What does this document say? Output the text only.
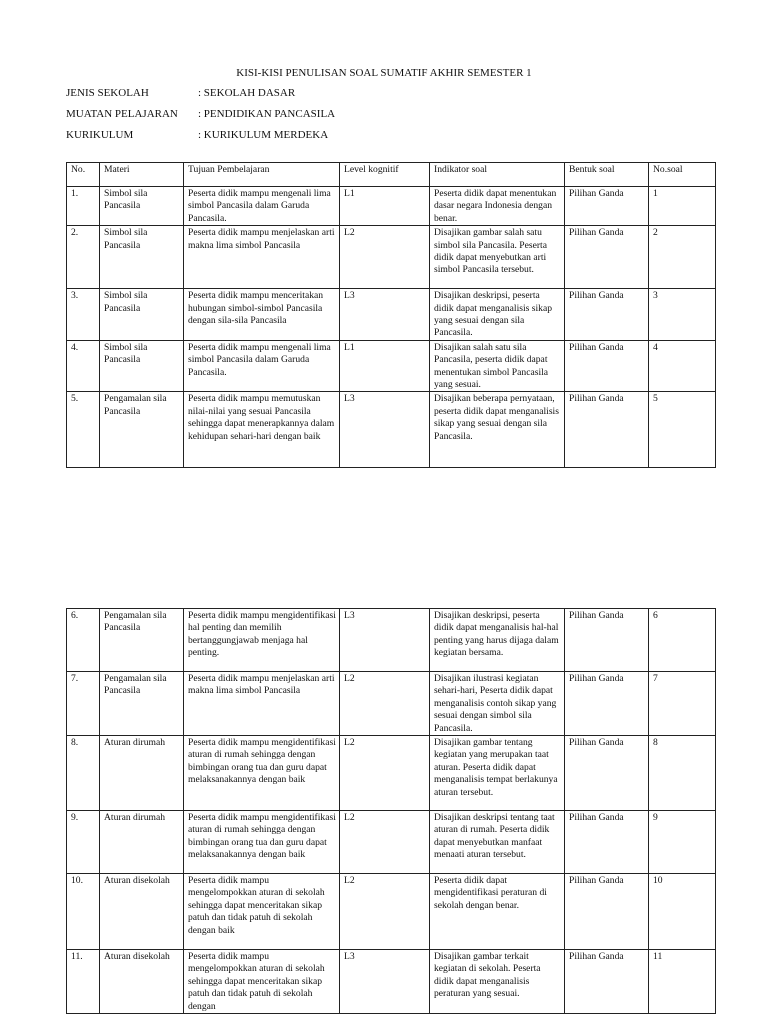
KISI-KISI PENULISAN SOAL SUMATIF AKHIR SEMESTER 1
JENIS SEKOLAH	: SEKOLAH DASAR
MUATAN PELAJARAN : PENDIDIKAN PANCASILA
KURIKULUM	: KURIKULUM MERDEKA
No.	Materi	Tujuan Pembelajaran	Level kognitif	Indikator soal	Bentuk soal	No.soal
1.	Simbol sila Pancasila	Peserta didik mampu mengenali lima simbol Pancasila dalam Garuda Pancasila.	L1	Peserta didik dapat menentukan dasar negara Indonesia dengan benar.	Pilihan Ganda	1
2.	Simbol sila Pancasila	Peserta didik mampu menjelaskan arti makna lima simbol Pancasila	L2	Disajikan gambar salah satu simbol sila Pancasila. Peserta didik dapat menyebutkan arti simbol Pancasila tersebut.	Pilihan Ganda	2
3.	Simbol sila Pancasila	Peserta didik mampu menceritakan hubungan simbol-simbol Pancasila dengan sila-sila Pancasila	L3	Disajikan deskripsi, peserta didik dapat menganalisis sikap yang sesuai dengan sila Pancasila.	Pilihan Ganda	3
4.	Simbol sila Pancasila	Peserta didik mampu mengenali lima simbol Pancasila dalam Garuda Pancasila.	L1	Disajikan salah satu sila Pancasila, peserta didik dapat menentukan simbol Pancasila yang sesuai.	Pilihan Ganda	4
5.	Pengamalan sila Pancasila	Peserta didik mampu memutuskan nilai-nilai yang sesuai Pancasila sehingga dapat menerapkannya dalam kehidupan sehari-hari dengan baik	L3	Disajikan beberapa pernyataan, peserta didik dapat menganalisis sikap yang sesuai dengan sila Pancasila.	Pilihan Ganda	5
6.	Pengamalan sila Pancasila	Peserta didik mampu mengidentifikasi hal penting dan memilih bertanggungjawab menjaga hal penting.	L3	Disajikan deskripsi, peserta didik dapat menganalisis hal-hal penting yang harus dijaga dalam kegiatan bersama.	Pilihan Ganda	6
7.	Pengamalan sila Pancasila	Peserta didik mampu menjelaskan arti makna lima simbol Pancasila	L2	Disajikan ilustrasi kegiatan sehari-hari, Peserta didik dapat menganalisis contoh sikap yang sesuai dengan simbol sila Pancasila.	Pilihan Ganda	7
8.	Aturan dirumah	Peserta didik mampu mengidentifikasi aturan di rumah sehingga dengan bimbingan orang tua dan guru dapat melaksanakannya dengan baik	L2	Disajikan gambar tentang kegiatan yang merupakan taat aturan. Peserta didik dapat menganalisis tempat berlakunya aturan tersebut.	Pilihan Ganda	8
9.	Aturan dirumah	Peserta didik mampu mengidentifikasi aturan di rumah sehingga dengan bimbingan orang tua dan guru dapat melaksanakannya dengan baik	L2	Disajikan deskripsi tentang taat aturan di rumah. Peserta didik dapat menyebutkan manfaat menaati aturan tersebut.	Pilihan Ganda	9
10.	Aturan disekolah	Peserta didik mampu mengelompokkan aturan di sekolah sehingga dapat menceritakan sikap patuh dan tidak patuh di sekolah dengan baik	L2	Peserta didik dapat mengidentifikasi peraturan di sekolah dengan benar.	Pilihan Ganda	10
11.	Aturan disekolah	Peserta didik mampu mengelompokkan aturan di sekolah sehingga dapat menceritakan sikap patuh dan tidak patuh di sekolah dengan	L3	Disajikan gambar terkait kegiatan di sekolah. Peserta didik dapat menganalisis peraturan yang sesuai.	Pilihan Ganda	11
